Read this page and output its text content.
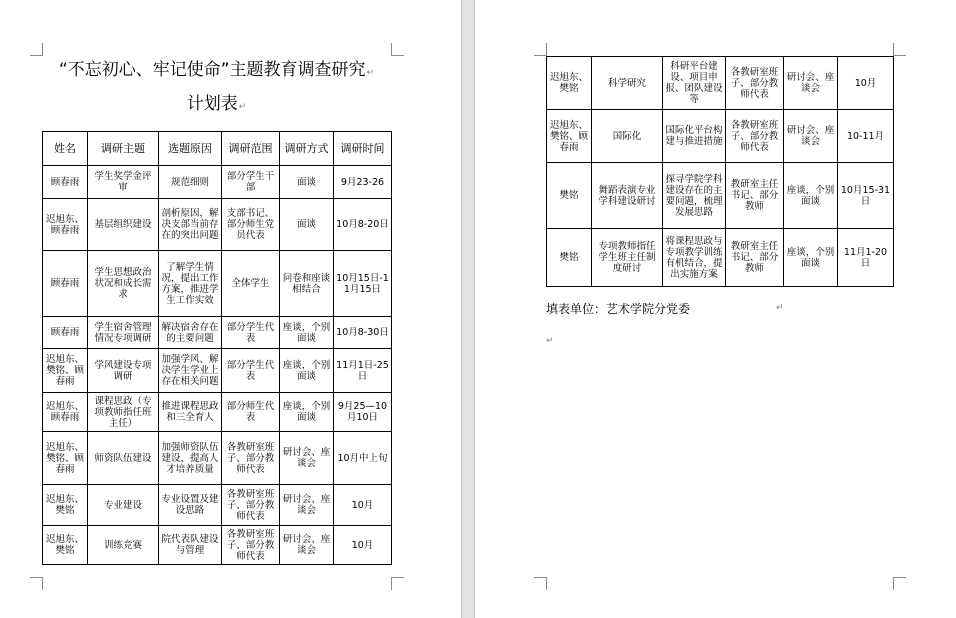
“不忘初心、牢记使命”主题教育调查研究↵
计划表↵
姓名	调研主题	选题原因	调研范围	调研方式	调研时间
顾春雨	学生奖学金评审	规范细则	部分学生干部	面谈	9月23-26
迟旭东、顾春雨	基层组织建设	剖析原因，解决支部当前存在的突出问题	支部书记、部分师生党员代表	面谈	10月8-20日
顾春雨	学生思想政治状况和成长需求	了解学生情况，提出工作方案，推进学生工作实效	全体学生	问卷和座谈相结合	10月15日-11月15日
顾春雨	学生宿舍管理情况专项调研	解决宿舍存在的主要问题	部分学生代表	座谈，个别面谈	10月8-30日
迟旭东、樊铭、顾春雨	学风建设专项调研	加强学风、解决学生学业上存在相关问题	部分学生代表	座谈，个别面谈	11月1日-25日
迟旭东、顾春雨	课程思政（专项教师指任班主任）	推进课程思政和三全育人	部分师生代表	座谈，个别面谈	9月25—10月10日
迟旭东、樊铭、顾春雨	师资队伍建设	加强师资队伍建设，提高人才培养质量	各教研室班子、部分教师代表	研讨会、座谈会	10月中上旬
迟旭东、樊铭	专业建设	专业设置及建设思路	各教研室班子、部分教师代表	研讨会、座谈会	10月
迟旭东、樊铭	训练竞赛	院代表队建设与管理	各教研室班子、部分教师代表	研讨会、座谈会	10月
迟旭东、樊铭	科学研究	科研平台建设、项目申报、团队建设等	各教研室班子、部分教师代表	研讨会、座谈会	10月
迟旭东、樊铭、顾春雨	国际化	国际化平台构建与推进措施	各教研室班子、部分教师代表	研讨会、座谈会	10-11月
樊铭	舞蹈表演专业学科建设研讨	探寻学院学科建设存在的主要问题，梳理发展思路	教研室主任书记、部分教师	座谈，个别面谈	10月15-31日
樊铭	专项教师指任学生班主任制度研讨	将课程思政与专项教学训练有机结合，提出实施方案	教研室主任书记、部分教师	座谈，个别面谈	11月1-20日
填表单位：艺术学院分党委	↵
↵
